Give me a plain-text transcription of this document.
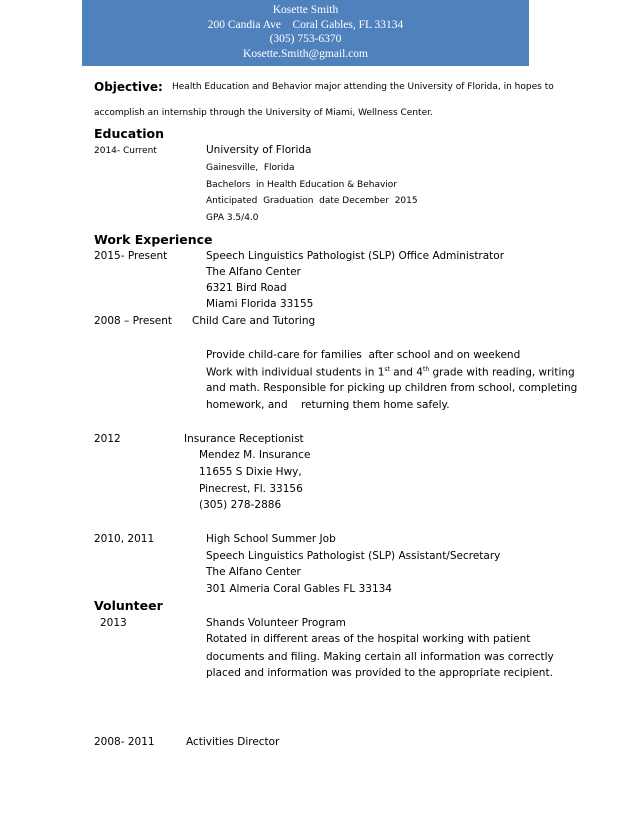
Kosette Smith
200 Candia Ave    Coral Gables, FL 33134
(305) 753-6370
Kosette.Smith@gmail.com
Objective: Health Education and Behavior major attending the University of Florida, in hopes to
accomplish an internship through the University of Miami, Wellness Center.
Education
2014- Current	University of Florida
Gainesville,  Florida
Bachelors  in Health Education & Behavior
Anticipated  Graduation  date December  2015
GPA 3.5/4.0
Work Experience
2015- Present	Speech Linguistics Pathologist (SLP) Office Administrator
The Alfano Center
6321 Bird Road
Miami Florida 33155
2008 – Present Child Care and Tutoring
Provide child-care for families  after school and on weekend
Work with individual students in 1st and 4th grade with reading, writing
and math. Responsible for picking up children from school, completing
homework, and    returning them home safely.
2012	Insurance Receptionist
Mendez M. Insurance
11655 S Dixie Hwy,
Pinecrest, Fl. 33156
(305) 278-2886
2010, 2011	High School Summer Job
Speech Linguistics Pathologist (SLP) Assistant/Secretary
The Alfano Center
301 Almeria Coral Gables FL 33134
Volunteer
2013	Shands Volunteer Program
Rotated in different areas of the hospital working with patient
documents and filing. Making certain all information was correctly
placed and information was provided to the appropriate recipient.
2008- 2011	Activities Director
